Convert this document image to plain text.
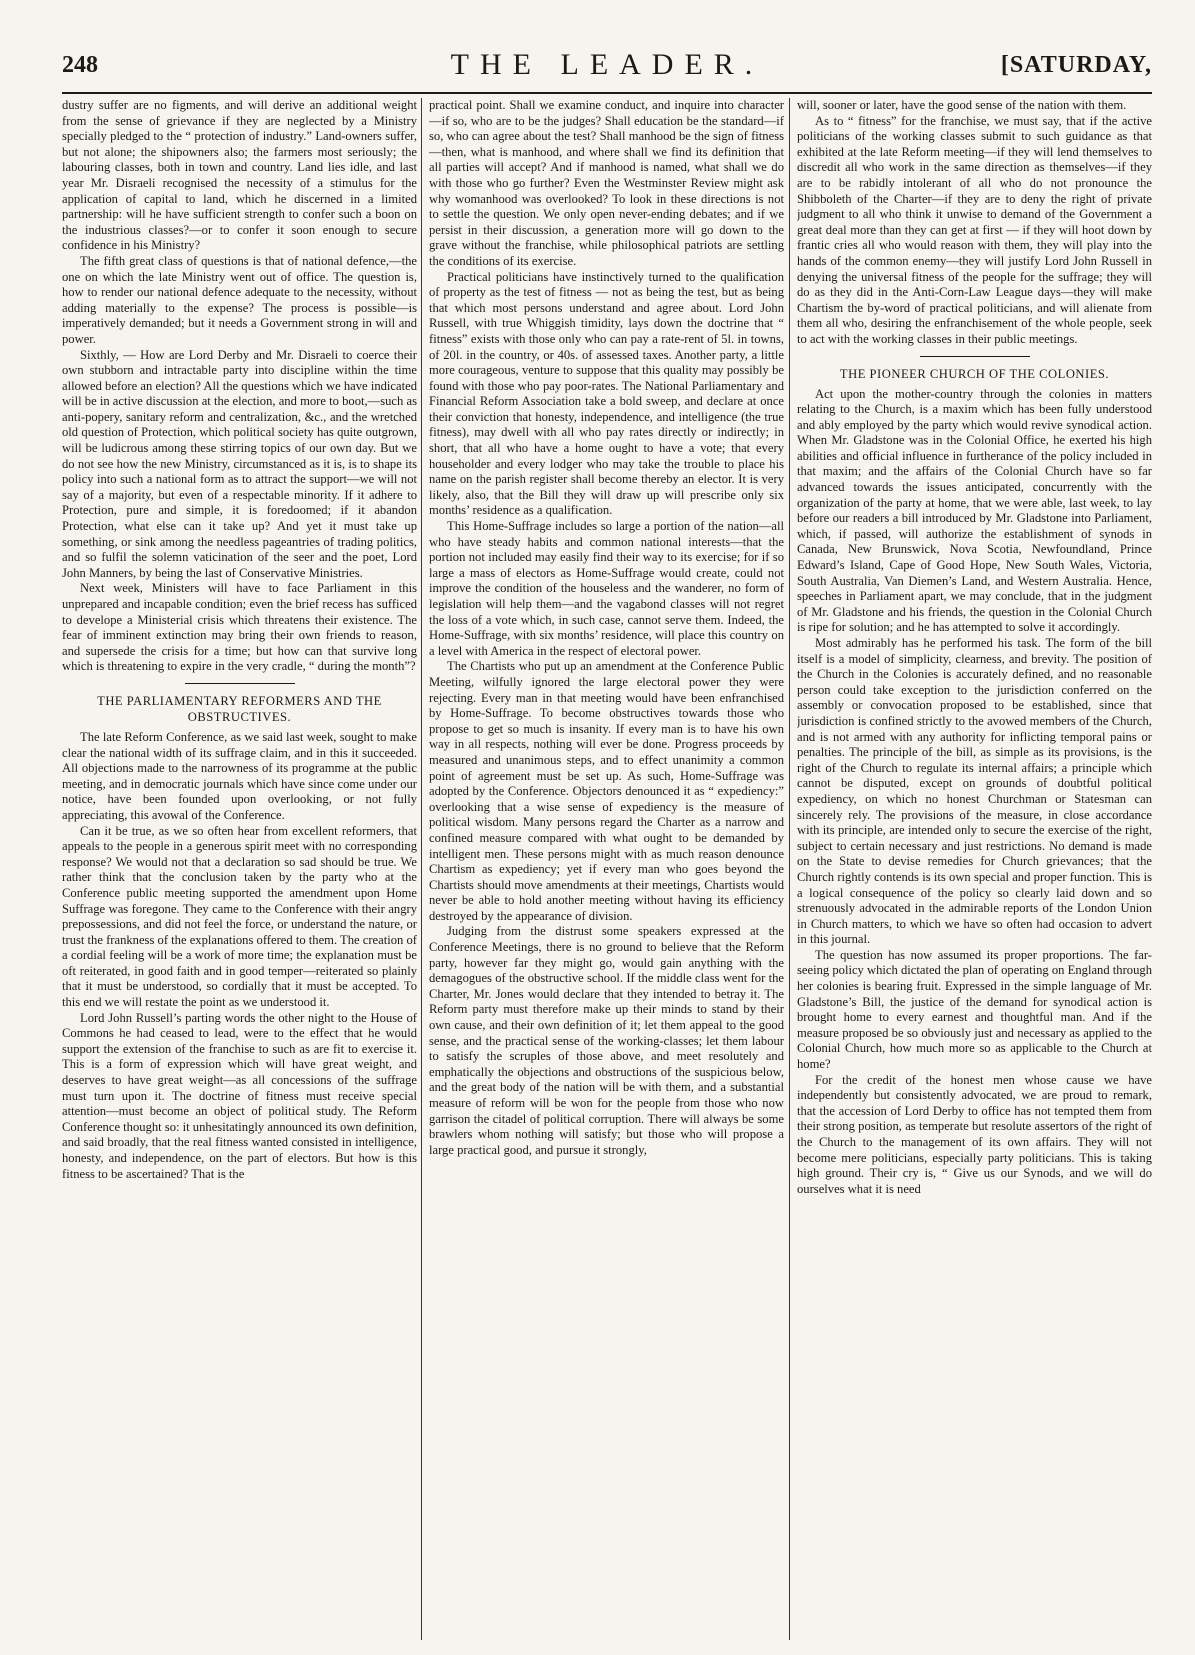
248	THE LEADER.	[SATURDAY,

dustry suffer are no figments, and will derive an additional weight from the sense of grievance if they are neglected by a Ministry specially pledged to the “ protection of industry.” Land-owners suffer, but not alone; the shipowners also; the farmers most seriously; the labouring classes, both in town and country. Land lies idle, and last year Mr. Disraeli recognised the necessity of a stimulus for the application of capital to land, which he discerned in a limited partnership: will he have sufficient strength to confer such a boon on the industrious classes?—or to confer it soon enough to secure confidence in his Ministry?

The fifth great class of questions is that of national defence,—the one on which the late Ministry went out of office. The question is, how to render our national defence adequate to the necessity, without adding materially to the expense? The process is possible—is imperatively demanded; but it needs a Government strong in will and power.

Sixthly, — How are Lord Derby and Mr. Disraeli to coerce their own stubborn and intractable party into discipline within the time allowed before an election? All the questions which we have indicated will be in active discussion at the election, and more to boot,—such as anti-popery, sanitary reform and centralization, &c., and the wretched old question of Protection, which political society has quite outgrown, will be ludicrous among these stirring topics of our own day. But we do not see how the new Ministry, circumstanced as it is, is to shape its policy into such a national form as to attract the support—we will not say of a majority, but even of a respectable minority. If it adhere to Protection, pure and simple, it is foredoomed; if it abandon Protection, what else can it take up? And yet it must take up something, or sink among the needless pageantries of trading politics, and so fulfil the solemn vaticination of the seer and the poet, Lord John Manners, by being the last of Conservative Ministries.

Next week, Ministers will have to face Parliament in this unprepared and incapable condition; even the brief recess has sufficed to develope a Ministerial crisis which threatens their existence. The fear of imminent extinction may bring their own friends to reason, and supersede the crisis for a time; but how can that survive long which is threatening to expire in the very cradle, “ during the month”?

THE PARLIAMENTARY REFORMERS AND THE OBSTRUCTIVES.

The late Reform Conference, as we said last week, sought to make clear the national width of its suffrage claim, and in this it succeeded. All objections made to the narrowness of its programme at the public meeting, and in democratic journals which have since come under our notice, have been founded upon overlooking, or not fully appreciating, this avowal of the Conference.

Can it be true, as we so often hear from excellent reformers, that appeals to the people in a generous spirit meet with no corresponding response? We would not that a declaration so sad should be true. We rather think that the conclusion taken by the party who at the Conference public meeting supported the amendment upon Home Suffrage was foregone. They came to the Conference with their angry prepossessions, and did not feel the force, or understand the nature, or trust the frankness of the explanations offered to them. The creation of a cordial feeling will be a work of more time; the explanation must be oft reiterated, in good faith and in good temper—reiterated so plainly that it must be understood, so cordially that it must be accepted. To this end we will restate the point as we understood it.

Lord John Russell’s parting words the other night to the House of Commons he had ceased to lead, were to the effect that he would support the extension of the franchise to such as are fit to exercise it. This is a form of expression which will have great weight, and deserves to have great weight—as all concessions of the suffrage must turn upon it. The doctrine of fitness must receive special attention—must become an object of political study. The Reform Conference thought so: it unhesitatingly announced its own definition, and said broadly, that the real fitness wanted consisted in intelligence, honesty, and independence, on the part of electors. But how is this fitness to be ascertained? That is the

practical point. Shall we examine conduct, and inquire into character—if so, who are to be the judges? Shall education be the standard—if so, who can agree about the test? Shall manhood be the sign of fitness—then, what is manhood, and where shall we find its definition that all parties will accept? And if manhood is named, what shall we do with those who go further? Even the Westminster Review might ask why womanhood was overlooked? To look in these directions is not to settle the question. We only open never-ending debates; and if we persist in their discussion, a generation more will go down to the grave without the franchise, while philosophical patriots are settling the conditions of its exercise.

Practical politicians have instinctively turned to the qualification of property as the test of fitness — not as being the test, but as being that which most persons understand and agree about. Lord John Russell, with true Whiggish timidity, lays down the doctrine that “ fitness” exists with those only who can pay a rate-rent of 5l. in towns, of 20l. in the country, or 40s. of assessed taxes. Another party, a little more courageous, venture to suppose that this quality may possibly be found with those who pay poor-rates. The National Parliamentary and Financial Reform Association take a bold sweep, and declare at once their conviction that honesty, independence, and intelligence (the true fitness), may dwell with all who pay rates directly or indirectly; in short, that all who have a home ought to have a vote; that every householder and every lodger who may take the trouble to place his name on the parish register shall become thereby an elector. It is very likely, also, that the Bill they will draw up will prescribe only six months’ residence as a qualification.

This Home-Suffrage includes so large a portion of the nation—all who have steady habits and common national interests—that the portion not included may easily find their way to its exercise; for if so large a mass of electors as Home-Suffrage would create, could not improve the condition of the houseless and the wanderer, no form of legislation will help them—and the vagabond classes will not regret the loss of a vote which, in such case, cannot serve them. Indeed, the Home-Suffrage, with six months’ residence, will place this country on a level with America in the respect of electoral power.

The Chartists who put up an amendment at the Conference Public Meeting, wilfully ignored the large electoral power they were rejecting. Every man in that meeting would have been enfranchised by Home-Suffrage. To become obstructives towards those who propose to get so much is insanity. If every man is to have his own way in all respects, nothing will ever be done. Progress proceeds by measured and unanimous steps, and to effect unanimity a common point of agreement must be set up. As such, Home-Suffrage was adopted by the Conference. Objectors denounced it as “ expediency:” overlooking that a wise sense of expediency is the measure of political wisdom. Many persons regard the Charter as a narrow and confined measure compared with what ought to be demanded by intelligent men. These persons might with as much reason denounce Chartism as expediency; yet if every man who goes beyond the Chartists should move amendments at their meetings, Chartists would never be able to hold another meeting without having its efficiency destroyed by the appearance of division.

Judging from the distrust some speakers expressed at the Conference Meetings, there is no ground to believe that the Reform party, however far they might go, would gain anything with the demagogues of the obstructive school. If the middle class went for the Charter, Mr. Jones would declare that they intended to betray it. The Reform party must therefore make up their minds to stand by their own cause, and their own definition of it; let them appeal to the good sense, and the practical sense of the working-classes; let them labour to satisfy the scruples of those above, and meet resolutely and emphatically the objections and obstructions of the suspicious below, and the great body of the nation will be with them, and a substantial measure of reform will be won for the people from those who now garrison the citadel of political corruption. There will always be some brawlers whom nothing will satisfy; but those who will propose a large practical good, and pursue it strongly,

will, sooner or later, have the good sense of the nation with them.

As to “ fitness” for the franchise, we must say, that if the active politicians of the working classes submit to such guidance as that exhibited at the late Reform meeting—if they will lend themselves to discredit all who work in the same direction as themselves—if they are to be rabidly intolerant of all who do not pronounce the Shibboleth of the Charter—if they are to deny the right of private judgment to all who think it unwise to demand of the Government a great deal more than they can get at first — if they will hoot down by frantic cries all who would reason with them, they will play into the hands of the common enemy—they will justify Lord John Russell in denying the universal fitness of the people for the suffrage; they will do as they did in the Anti-Corn-Law League days—they will make Chartism the by-word of practical politicians, and will alienate from them all who, desiring the enfranchisement of the whole people, seek to act with the working classes in their public meetings.

THE PIONEER CHURCH OF THE COLONIES.

Act upon the mother-country through the colonies in matters relating to the Church, is a maxim which has been fully understood and ably employed by the party which would revive synodical action. When Mr. Gladstone was in the Colonial Office, he exerted his high abilities and official influence in furtherance of the policy included in that maxim; and the affairs of the Colonial Church have so far advanced towards the issues anticipated, concurrently with the organization of the party at home, that we were able, last week, to lay before our readers a bill introduced by Mr. Gladstone into Parliament, which, if passed, will authorize the establishment of synods in Canada, New Brunswick, Nova Scotia, Newfoundland, Prince Edward’s Island, Cape of Good Hope, New South Wales, Victoria, South Australia, Van Diemen’s Land, and Western Australia. Hence, speeches in Parliament apart, we may conclude, that in the judgment of Mr. Gladstone and his friends, the question in the Colonial Church is ripe for solution; and he has attempted to solve it accordingly.

Most admirably has he performed his task. The form of the bill itself is a model of simplicity, clearness, and brevity. The position of the Church in the Colonies is accurately defined, and no reasonable person could take exception to the jurisdiction conferred on the assembly or convocation proposed to be established, since that jurisdiction is confined strictly to the avowed members of the Church, and is not armed with any authority for inflicting temporal pains or penalties. The principle of the bill, as simple as its provisions, is the right of the Church to regulate its internal affairs; a principle which cannot be disputed, except on grounds of doubtful political expediency, on which no honest Churchman or Statesman can sincerely rely. The provisions of the measure, in close accordance with its principle, are intended only to secure the exercise of the right, subject to certain necessary and just restrictions. No demand is made on the State to devise remedies for Church grievances; that the Church rightly contends is its own special and proper function. This is a logical consequence of the policy so clearly laid down and so strenuously advocated in the admirable reports of the London Union in Church matters, to which we have so often had occasion to advert in this journal.

The question has now assumed its proper proportions. The far-seeing policy which dictated the plan of operating on England through her colonies is bearing fruit. Expressed in the simple language of Mr. Gladstone’s Bill, the justice of the demand for synodical action is brought home to every earnest and thoughtful man. And if the measure proposed be so obviously just and necessary as applied to the Colonial Church, how much more so as applicable to the Church at home?

For the credit of the honest men whose cause we have independently but consistently advocated, we are proud to remark, that the accession of Lord Derby to office has not tempted them from their strong position, as temperate but resolute assertors of the right of the Church to the management of its own affairs. They will not become mere politicians, especially party politicians. This is taking high ground. Their cry is, “ Give us our Synods, and we will do ourselves what it is need
